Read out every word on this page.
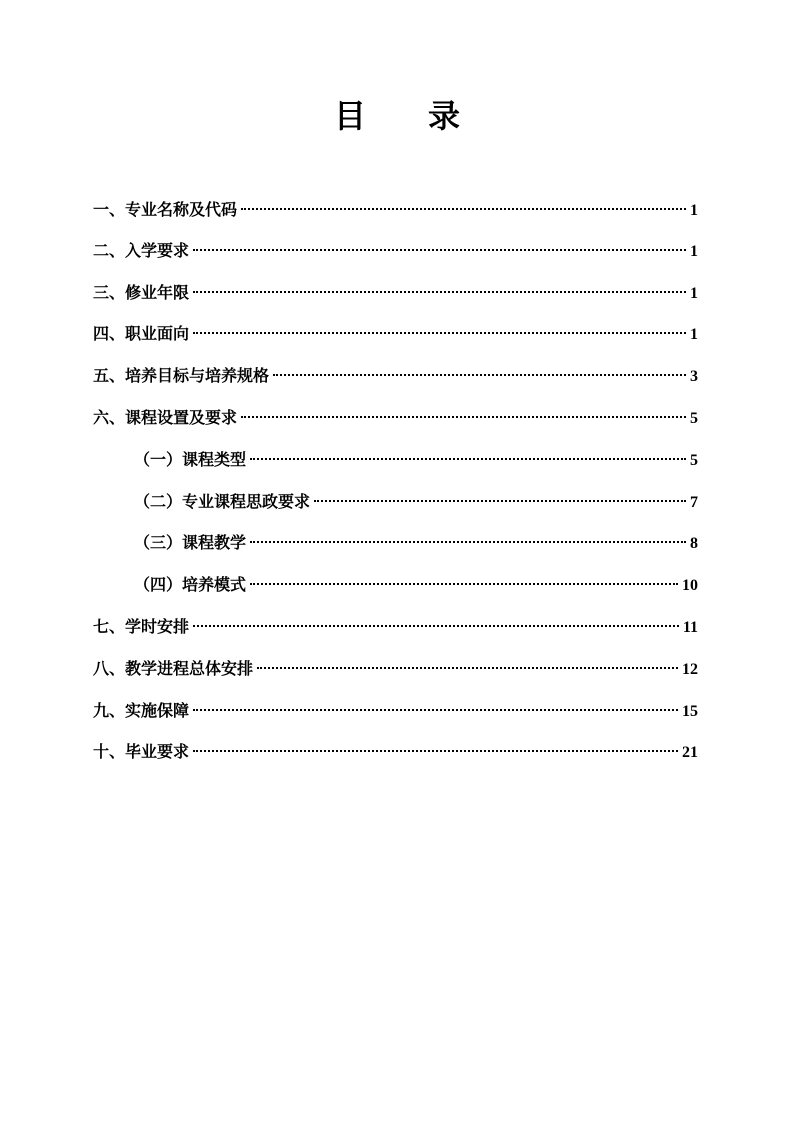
目 录
一、专业名称及代码	1
二、入学要求	1
三、修业年限	1
四、职业面向	1
五、培养目标与培养规格	3
六、课程设置及要求	5
（一）课程类型	5
（二）专业课程思政要求	7
（三）课程教学	8
（四）培养模式	10
七、学时安排	11
八、教学进程总体安排	12
九、实施保障	15
十、毕业要求	21
